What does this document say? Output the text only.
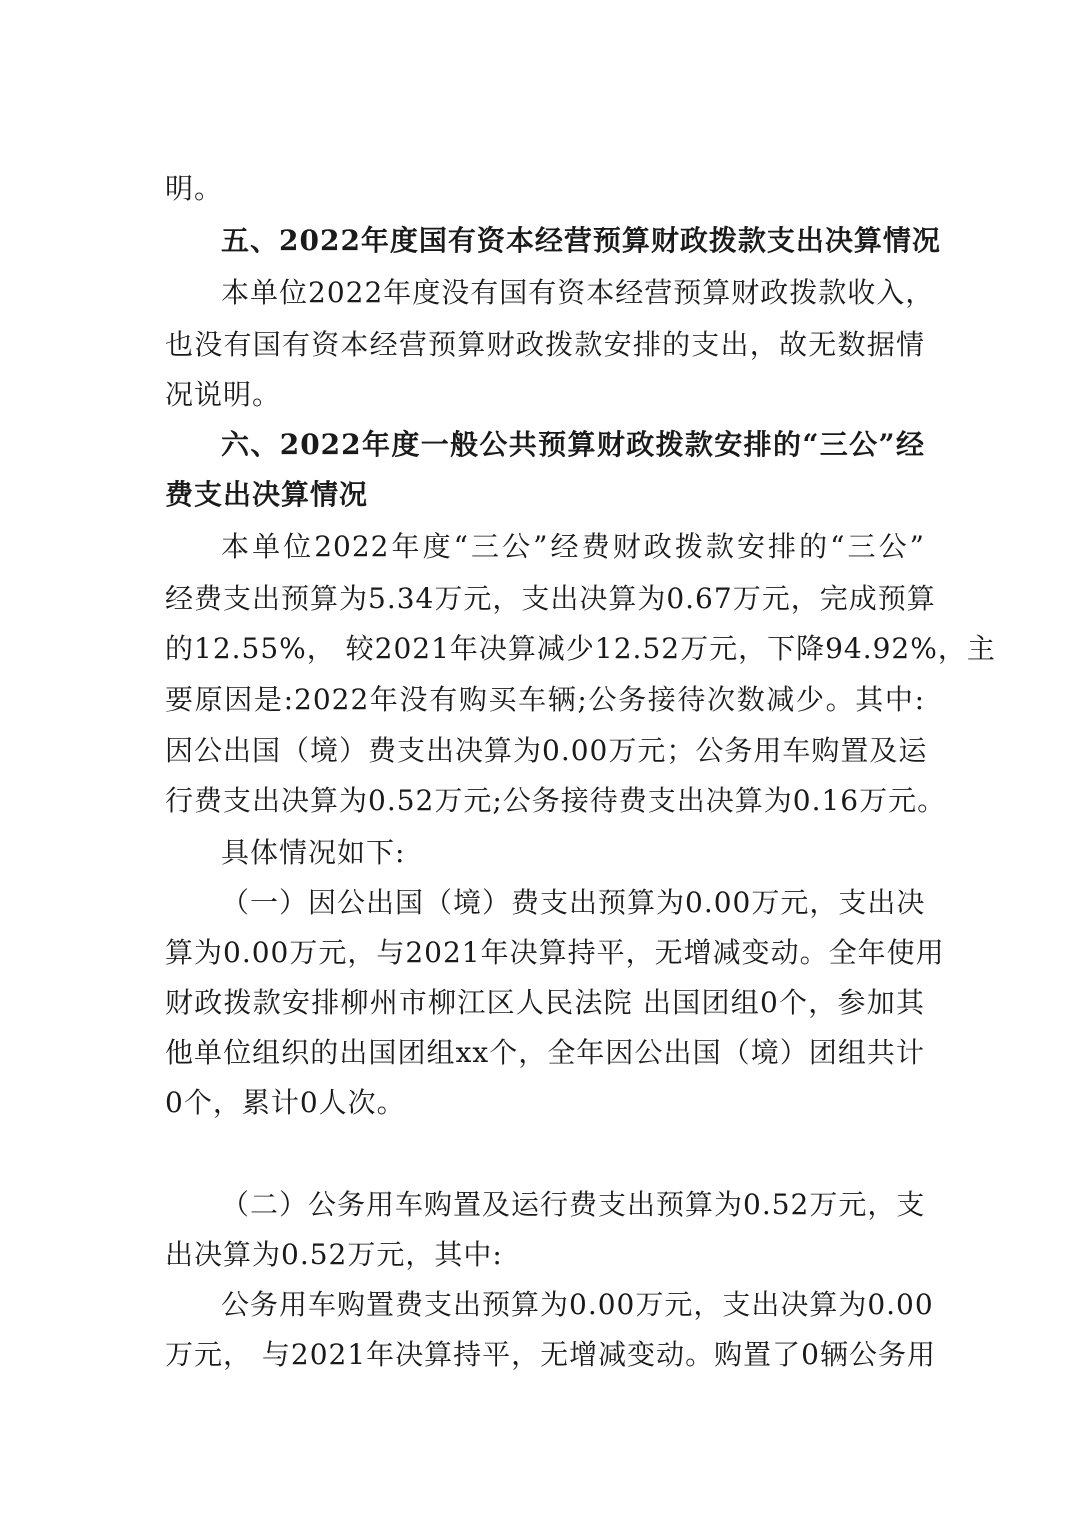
明。

五、2022年度国有资本经营预算财政拨款支出决算情况

本单位2022年度没有国有资本经营预算财政拨款收入，

也没有国有资本经营预算财政拨款安排的支出，故无数据情

况说明。

六、2022年度一般公共预算财政拨款安排的“三公”经

费支出决算情况

本单位2022年度“三公”经费财政拨款安排的“三公”

经费支出预算为5.34万元，支出决算为0.67万元，完成预算

的12.55%， 较2021年决算减少12.52万元，下降94.92%，主

要原因是:2022年没有购买车辆;公务接待次数减少。其中:

因公出国（境）费支出决算为0.00万元；公务用车购置及运

行费支出决算为0.52万元;公务接待费支出决算为0.16万元。

具体情况如下:

（一）因公出国（境）费支出预算为0.00万元，支出决

算为0.00万元，与2021年决算持平，无增减变动。全年使用

财政拨款安排柳州市柳江区人民法院 出国团组0个，参加其

他单位组织的出国团组xx个，全年因公出国（境）团组共计

0个，累计0人次。

（二）公务用车购置及运行费支出预算为0.52万元，支

出决算为0.52万元，其中:

公务用车购置费支出预算为0.00万元，支出决算为0.00

万元， 与2021年决算持平，无增减变动。购置了0辆公务用
